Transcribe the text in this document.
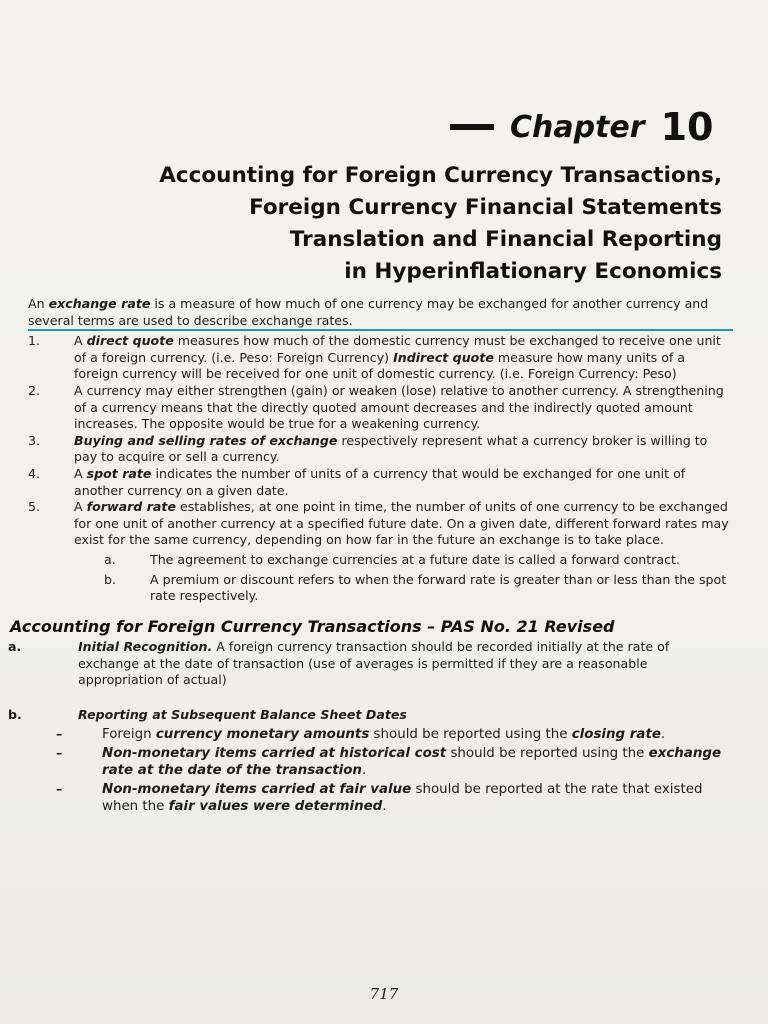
Chapter 10
Accounting for Foreign Currency Transactions,
Foreign Currency Financial Statements
Translation and Financial Reporting
in Hyperinflationary Economics

An exchange rate is a measure of how much of one currency may be exchanged for another currency and several terms are used to describe exchange rates.

1.	A direct quote measures how much of the domestic currency must be exchanged to receive one unit of a foreign currency. (i.e. Peso: Foreign Currency) Indirect quote measure how many units of a foreign currency will be received for one unit of domestic currency. (i.e. Foreign Currency: Peso)
2.	A currency may either strengthen (gain) or weaken (lose) relative to another currency. A strengthening of a currency means that the directly quoted amount decreases and the indirectly quoted amount increases. The opposite would be true for a weakening currency.
3.	Buying and selling rates of exchange respectively represent what a currency broker is willing to pay to acquire or sell a currency.
4.	A spot rate indicates the number of units of a currency that would be exchanged for one unit of another currency on a given date.
5.	A forward rate establishes, at one point in time, the number of units of one currency to be exchanged for one unit of another currency at a specified future date. On a given date, different forward rates may exist for the same currency, depending on how far in the future an exchange is to take place.
a.	The agreement to exchange currencies at a future date is called a forward contract.
b.	A premium or discount refers to when the forward rate is greater than or less than the spot rate respectively.
Accounting for Foreign Currency Transactions – PAS No. 21 Revised
a.	Initial Recognition. A foreign currency transaction should be recorded initially at the rate of exchange at the date of transaction (use of averages is permitted if they are a reasonable appropriation of actual)
b.	Reporting at Subsequent Balance Sheet Dates
–	Foreign currency monetary amounts should be reported using the closing rate.
–	Non-monetary items carried at historical cost should be reported using the exchange rate at the date of the transaction.
–	Non-monetary items carried at fair value should be reported at the rate that existed when the fair values were determined.
717
